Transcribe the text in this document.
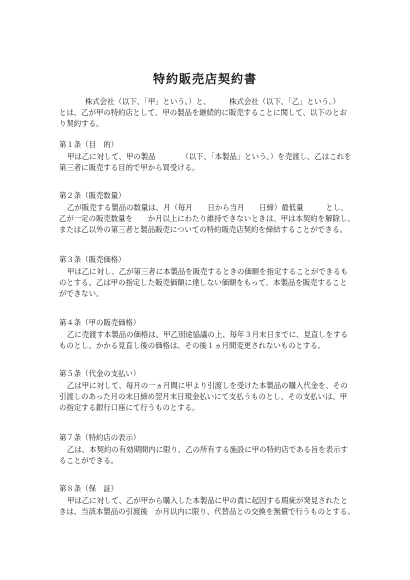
特約販売店契約書
株式会社（以下、「甲」という。）と、　　　株式会社（以下、「乙」という。）
とは、乙が甲の特約店として、甲の製品を継続的に販売することに関して、以下のとお
り契約する。
第１条（目　的）
甲は乙に対して、甲の製品　　　　（以下、「本製品」という。）を売渡し、乙はこれを
第三者に販売する目的で甲から買受ける。
第２条（販売数量）
乙が販売する製品の数量は、月（毎月　　日から当月　　日締）最低量　　　とし、
乙が一定の販売数量を　　か月以上にわたり維持できないときは、甲は本契約を解除し、
または乙以外の第三者と製品販売についての特約販売店契約を締結することができる。
第３条（販売価格）
甲は乙に対し、乙が第三者に本製品を販売するときの価額を指定することができるも
のとする。乙は甲の指定した販売価額に達しない価額をもって、本製品を販売すること
ができない。
第４条（甲の販売価格）
乙に売渡す本製品の価格は、甲乙別途協議の上、毎年３月末日までに、見直しをする
ものとし、かかる見直し後の価格は、その後１ヵ月間変更されないものとする。
第５条（代金の支払い）
乙は甲に対して、毎月の一ヵ月間に甲より引渡しを受けた本製品の購入代金を、その
引渡しのあった月の末日締め翌月末日現金払いにて支払うものとし、その支払いは、甲
の指定する銀行口座にて行うものとする。
第７条（特約店の表示）
乙は、本契約の有効期間内に限り、乙の所有する施設に甲の特約店である旨を表示す
ることができる。
第８条（保　証）
甲は乙に対して、乙が甲から購入した本製品に甲の責に起因する瑕疵が発見されたと
きは、当該本製品の引渡後　か月以内に限り、代替品との交換を無償で行うものとする。
